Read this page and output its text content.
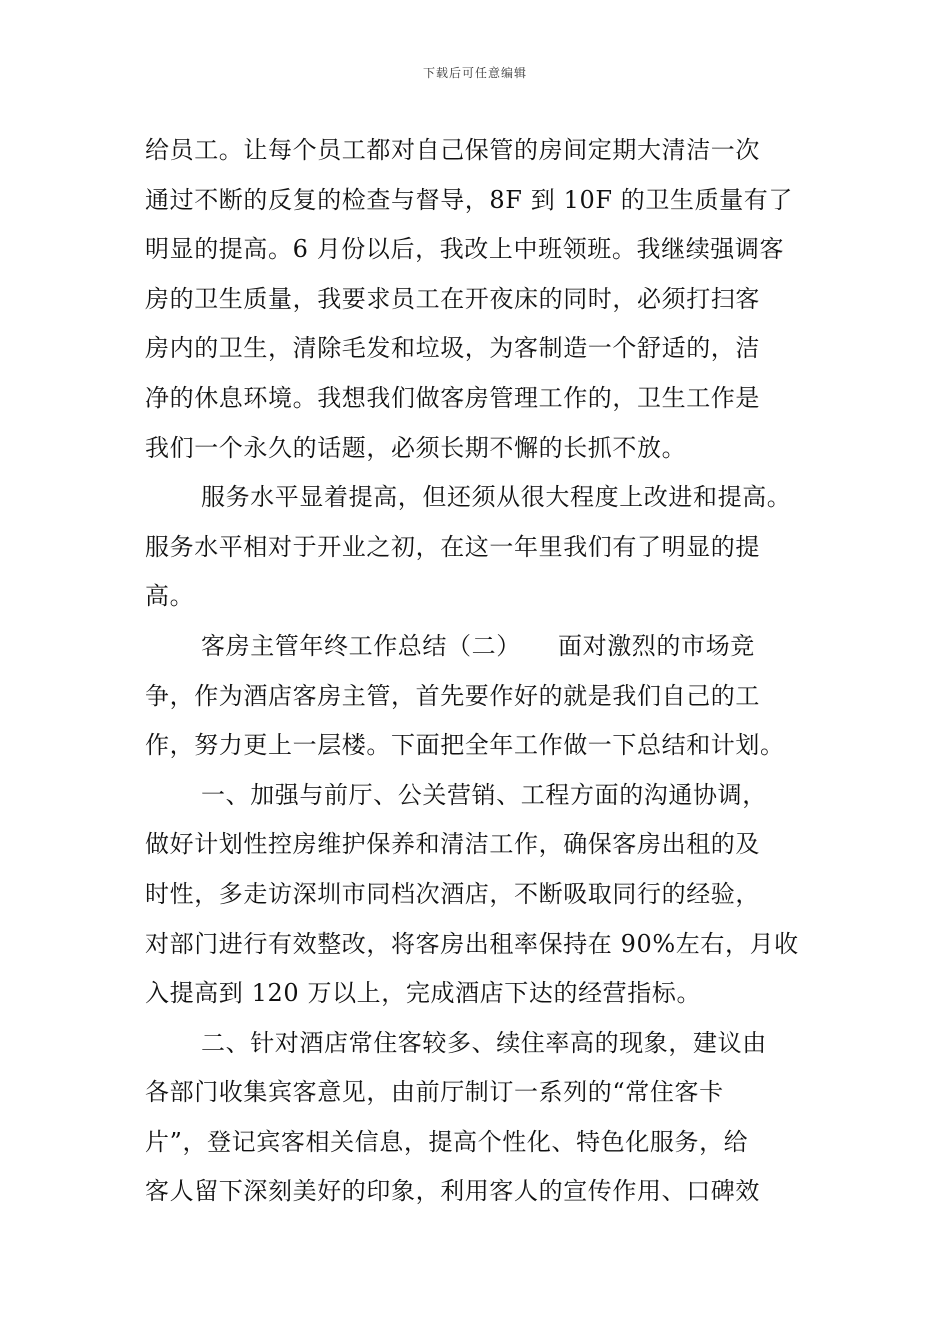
下载后可任意编辑
给员工。让每个员工都对自己保管的房间定期大清洁一次
通过不断的反复的检查与督导，8F 到 10F 的卫生质量有了
明显的提高。6 月份以后，我改上中班领班。我继续强调客
房的卫生质量，我要求员工在开夜床的同时，必须打扫客
房内的卫生，清除毛发和垃圾，为客制造一个舒适的，洁
净的休息环境。我想我们做客房管理工作的，卫生工作是
我们一个永久的话题，必须长期不懈的长抓不放。
服务水平显着提高，但还须从很大程度上改进和提高。
服务水平相对于开业之初，在这一年里我们有了明显的提
高。
客房主管年终工作总结（二）　　面对激烈的市场竞
争，作为酒店客房主管，首先要作好的就是我们自己的工
作，努力更上一层楼。下面把全年工作做一下总结和计划。
一、加强与前厅、公关营销、工程方面的沟通协调，
做好计划性控房维护保养和清洁工作，确保客房出租的及
时性，多走访深圳市同档次酒店，不断吸取同行的经验，
对部门进行有效整改，将客房出租率保持在 90%左右，月收
入提高到 120 万以上，完成酒店下达的经营指标。
二、针对酒店常住客较多、续住率高的现象，建议由
各部门收集宾客意见，由前厅制订一系列的“常住客卡
片”，登记宾客相关信息，提高个性化、特色化服务，给
客人留下深刻美好的印象，利用客人的宣传作用、口碑效
